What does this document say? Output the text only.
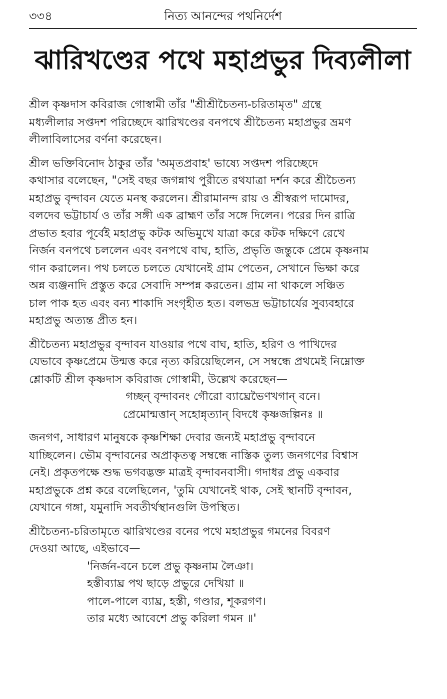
৩৩৪	নিত্য আনন্দের পথনির্দেশ
ঝারিখণ্ডের পথে মহাপ্রভুর দিব্যলীলা

শ্রীল কৃষ্ণদাস কবিরাজ গোস্বামী তাঁর "শ্রীশ্রীচৈতন্য-চরিতামৃত" গ্রন্থে

মধ্যলীলার সপ্তদশ পরিচ্ছেদে ঝারিখণ্ডের বনপথে শ্রীচৈতন্য মহাপ্রভুর ভ্রমণ

লীলাবিলাসের বর্ণনা করেছেন।

শ্রীল ভক্তিবিনোদ ঠাকুর তাঁর 'অমৃতপ্রবাহ' ভাষ্যে সপ্তদশ পরিচ্ছেদে

কথাসার বলেছেন, "সেই বছর জগন্নাথ পুরীতে রথযাত্রা দর্শন করে শ্রীচৈতন্য

মহাপ্রভু বৃন্দাবন যেতে মনস্থ করলেন। শ্রীরামানন্দ রায় ও শ্রীস্বরূপ দামোদর,

বলদেব ভট্টাচার্য ও তাঁর সঙ্গী এক ব্রাহ্মণ তাঁর সঙ্গে দিলেন। পরের দিন রাত্রি

প্রভাত হবার পূর্বেই মহাপ্রভু কটক অভিমুখে যাত্রা করে কটক দক্ষিণে রেখে

নির্জন বনপথে চললেন এবং বনপথে বাঘ, হাতি, প্রভৃতি জন্তুকে প্রেমে কৃষ্ণনাম

গান করালেন। পথ চলতে চলতে যেখানেই গ্রাম পেতেন, সেখানে ভিক্ষা করে

অন্ন ব্যঞ্জনাদি প্রস্তুত করে সেবাদি সম্পন্ন করতেন। গ্রাম না থাকলে সঞ্চিত

চাল পাক হত এবং বন্য শাকাদি সংগৃহীত হত। বলভদ্র ভট্টাচার্যের সুব্যবহারে

মহাপ্রভু অত্যন্ত প্রীত হন।

শ্রীচৈতন্য মহাপ্রভুর বৃন্দাবন যাওয়ার পথে বাঘ, হাতি, হরিণ ও পাখিদের

যেভাবে কৃষ্ণপ্রেমে উন্মত্ত করে নৃত্য করিয়েছিলেন, সে সম্বন্ধে প্রথমেই নিম্নোক্ত

শ্লোকটি শ্রীল কৃষ্ণদাস কবিরাজ গোস্বামী, উল্লেখ করেছেন—

গচ্ছন্ বৃন্দাবনং গৌরো ব্যাঘ্রেভৈণখগান্ বনে।

প্রেমোন্মত্তান্ সহোন্নৃত্যান্ বিদধে কৃষ্ণজল্পিনঃ ॥

জনগণ, সাধারণ মানুষকে কৃষ্ণশিক্ষা দেবার জন্যই মহাপ্রভু বৃন্দাবনে

যাচ্ছিলেন। ভৌম বৃন্দাবনের অপ্রাকৃতত্ব সম্বন্ধে নাস্তিক তুল্য জনগণের বিশ্বাস

নেই। প্রকৃতপক্ষে শুদ্ধ ভগবদ্ভক্ত মাত্রই বৃন্দাবনবাসী। গদাধর প্রভু একবার

মহাপ্রভুকে প্রশ্ন করে বলেছিলেন, 'তুমি যেখানেই থাক, সেই স্থানটি বৃন্দাবন,

যেখানে গঙ্গা, যমুনাদি সবতীর্থস্থানগুলি উপস্থিত।

শ্রীচৈতন্য-চরিতামৃতে ঝারিখণ্ডের বনের পথে মহাপ্রভুর গমনের বিবরণ

দেওয়া আছে, এইভাবে—

'নির্জন-বনে চলে প্রভু কৃষ্ণনাম লৈঞা।

হস্তীব্যাঘ্র পথ ছাড়ে প্রভুরে দেখিয়া ॥

পালে-পালে ব্যাঘ্র, হস্তী, গণ্ডার, শূকরগণ।

তার মধ্যে আবেশে প্রভু করিলা গমন ॥'
